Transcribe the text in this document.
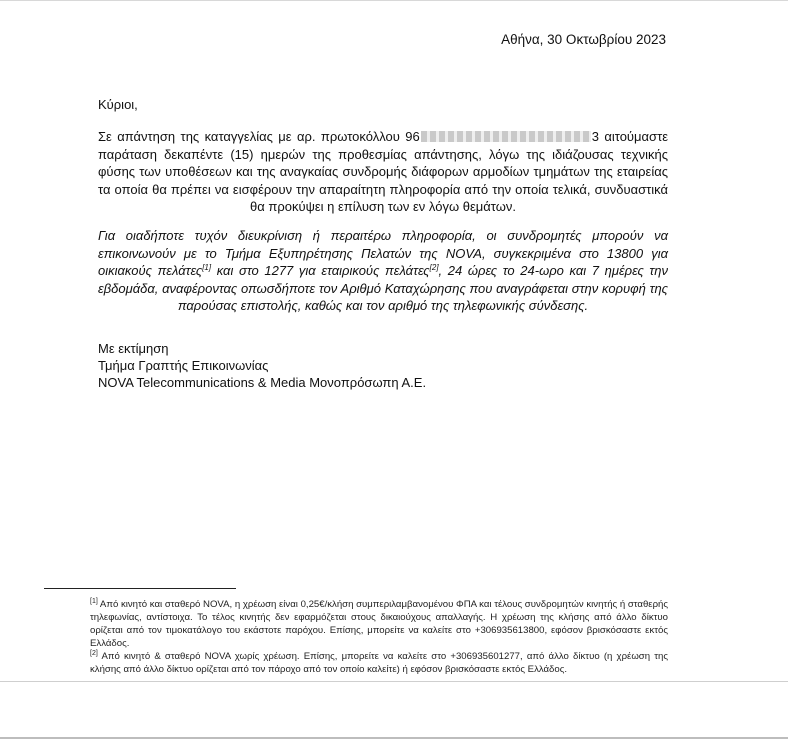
Αθήνα, 30 Οκτωβρίου 2023
Κύριοι,
Σε απάντηση της καταγγελίας με αρ. πρωτοκόλλου 96	3 αιτούμαστε παράταση δεκαπέντε (15) ημερών της προθεσμίας απάντησης, λόγω της ιδιάζουσας τεχνικής φύσης των υποθέσεων και της αναγκαίας συνδρομής διάφορων αρμοδίων τμημάτων της εταιρείας τα οποία θα πρέπει να εισφέρουν την απαραίτητη πληροφορία από την οποία τελικά, συνδυαστικά θα προκύψει η επίλυση των εν λόγω θεμάτων.
Για οιαδήποτε τυχόν διευκρίνιση ή περαιτέρω πληροφορία, οι συνδρομητές μπορούν να επικοινωνούν με το Τμήμα Εξυπηρέτησης Πελατών της NOVA, συγκεκριμένα στο 13800 για οικιακούς πελάτες[1] και στο 1277 για εταιρικούς πελάτες[2], 24 ώρες το 24-ωρο και 7 ημέρες την εβδομάδα, αναφέροντας οπωσδήποτε τον Αριθμό Καταχώρησης που αναγράφεται στην κορυφή της παρούσας επιστολής, καθώς και τον αριθμό της τηλεφωνικής σύνδεσης.
Με εκτίμηση
Τμήμα Γραπτής Επικοινωνίας
NOVA Telecommunications & Media Μονοπρόσωπη Α.Ε.
[1] Από κινητό και σταθερό NOVA, η χρέωση είναι 0,25€/κλήση συμπεριλαμβανομένου ΦΠΑ και τέλους συνδρομητών κινητής ή σταθερής τηλεφωνίας, αντίστοιχα. Το τέλος κινητής δεν εφαρμόζεται στους δικαιούχους απαλλαγής. Η χρέωση της κλήσης από άλλο δίκτυο ορίζεται από τον τιμοκατάλογο του εκάστοτε παρόχου. Επίσης, μπορείτε να καλείτε στο +306935613800, εφόσον βρισκόσαστε εκτός Ελλάδος.
[2] Από κινητό & σταθερό NOVA χωρίς χρέωση. Επίσης, μπορείτε να καλείτε στο +306935601277, από άλλο δίκτυο (η χρέωση της κλήσης από άλλο δίκτυο ορίζεται από τον πάροχο από τον οποίο καλείτε) ή εφόσον βρισκόσαστε εκτός Ελλάδος.
